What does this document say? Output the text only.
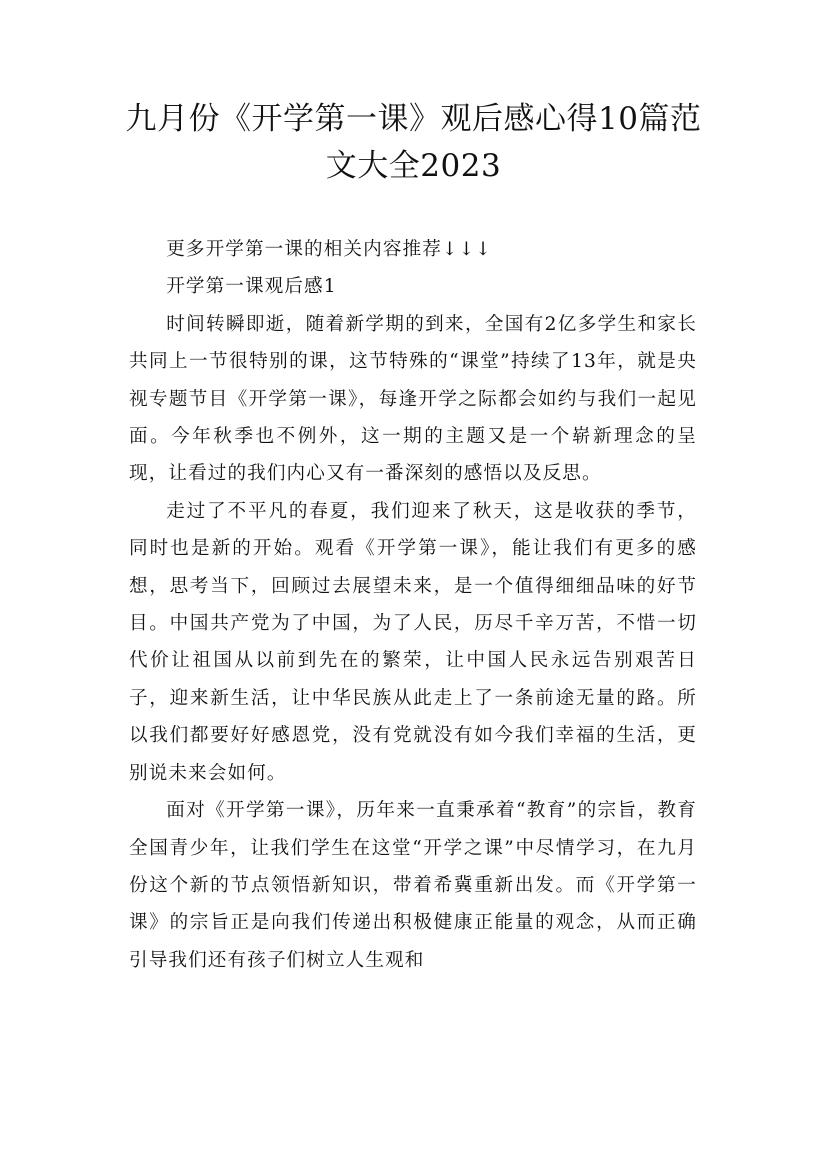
九月份《开学第一课》观后感心得10篇范
文大全2023

更多开学第一课的相关内容推荐↓↓↓

开学第一课观后感1

时间转瞬即逝，随着新学期的到来，全国有2亿多学生和家长共同上一节很特别的课，这节特殊的“课堂”持续了13年，就是央视专题节目《开学第一课》，每逢开学之际都会如约与我们一起见面。今年秋季也不例外，这一期的主题又是一个崭新理念的呈现，让看过的我们内心又有一番深刻的感悟以及反思。

走过了不平凡的春夏，我们迎来了秋天，这是收获的季节，同时也是新的开始。观看《开学第一课》，能让我们有更多的感想，思考当下，回顾过去展望未来，是一个值得细细品味的好节目。中国共产党为了中国，为了人民，历尽千辛万苦，不惜一切代价让祖国从以前到先在的繁荣，让中国人民永远告别艰苦日子，迎来新生活，让中华民族从此走上了一条前途无量的路。所以我们都要好好感恩党，没有党就没有如今我们幸福的生活，更别说未来会如何。

面对《开学第一课》，历年来一直秉承着“教育”的宗旨，教育全国青少年，让我们学生在这堂“开学之课”中尽情学习，在九月份这个新的节点领悟新知识，带着希冀重新出发。而《开学第一课》的宗旨正是向我们传递出积极健康正能量的观念，从而正确引导我们还有孩子们树立人生观和
